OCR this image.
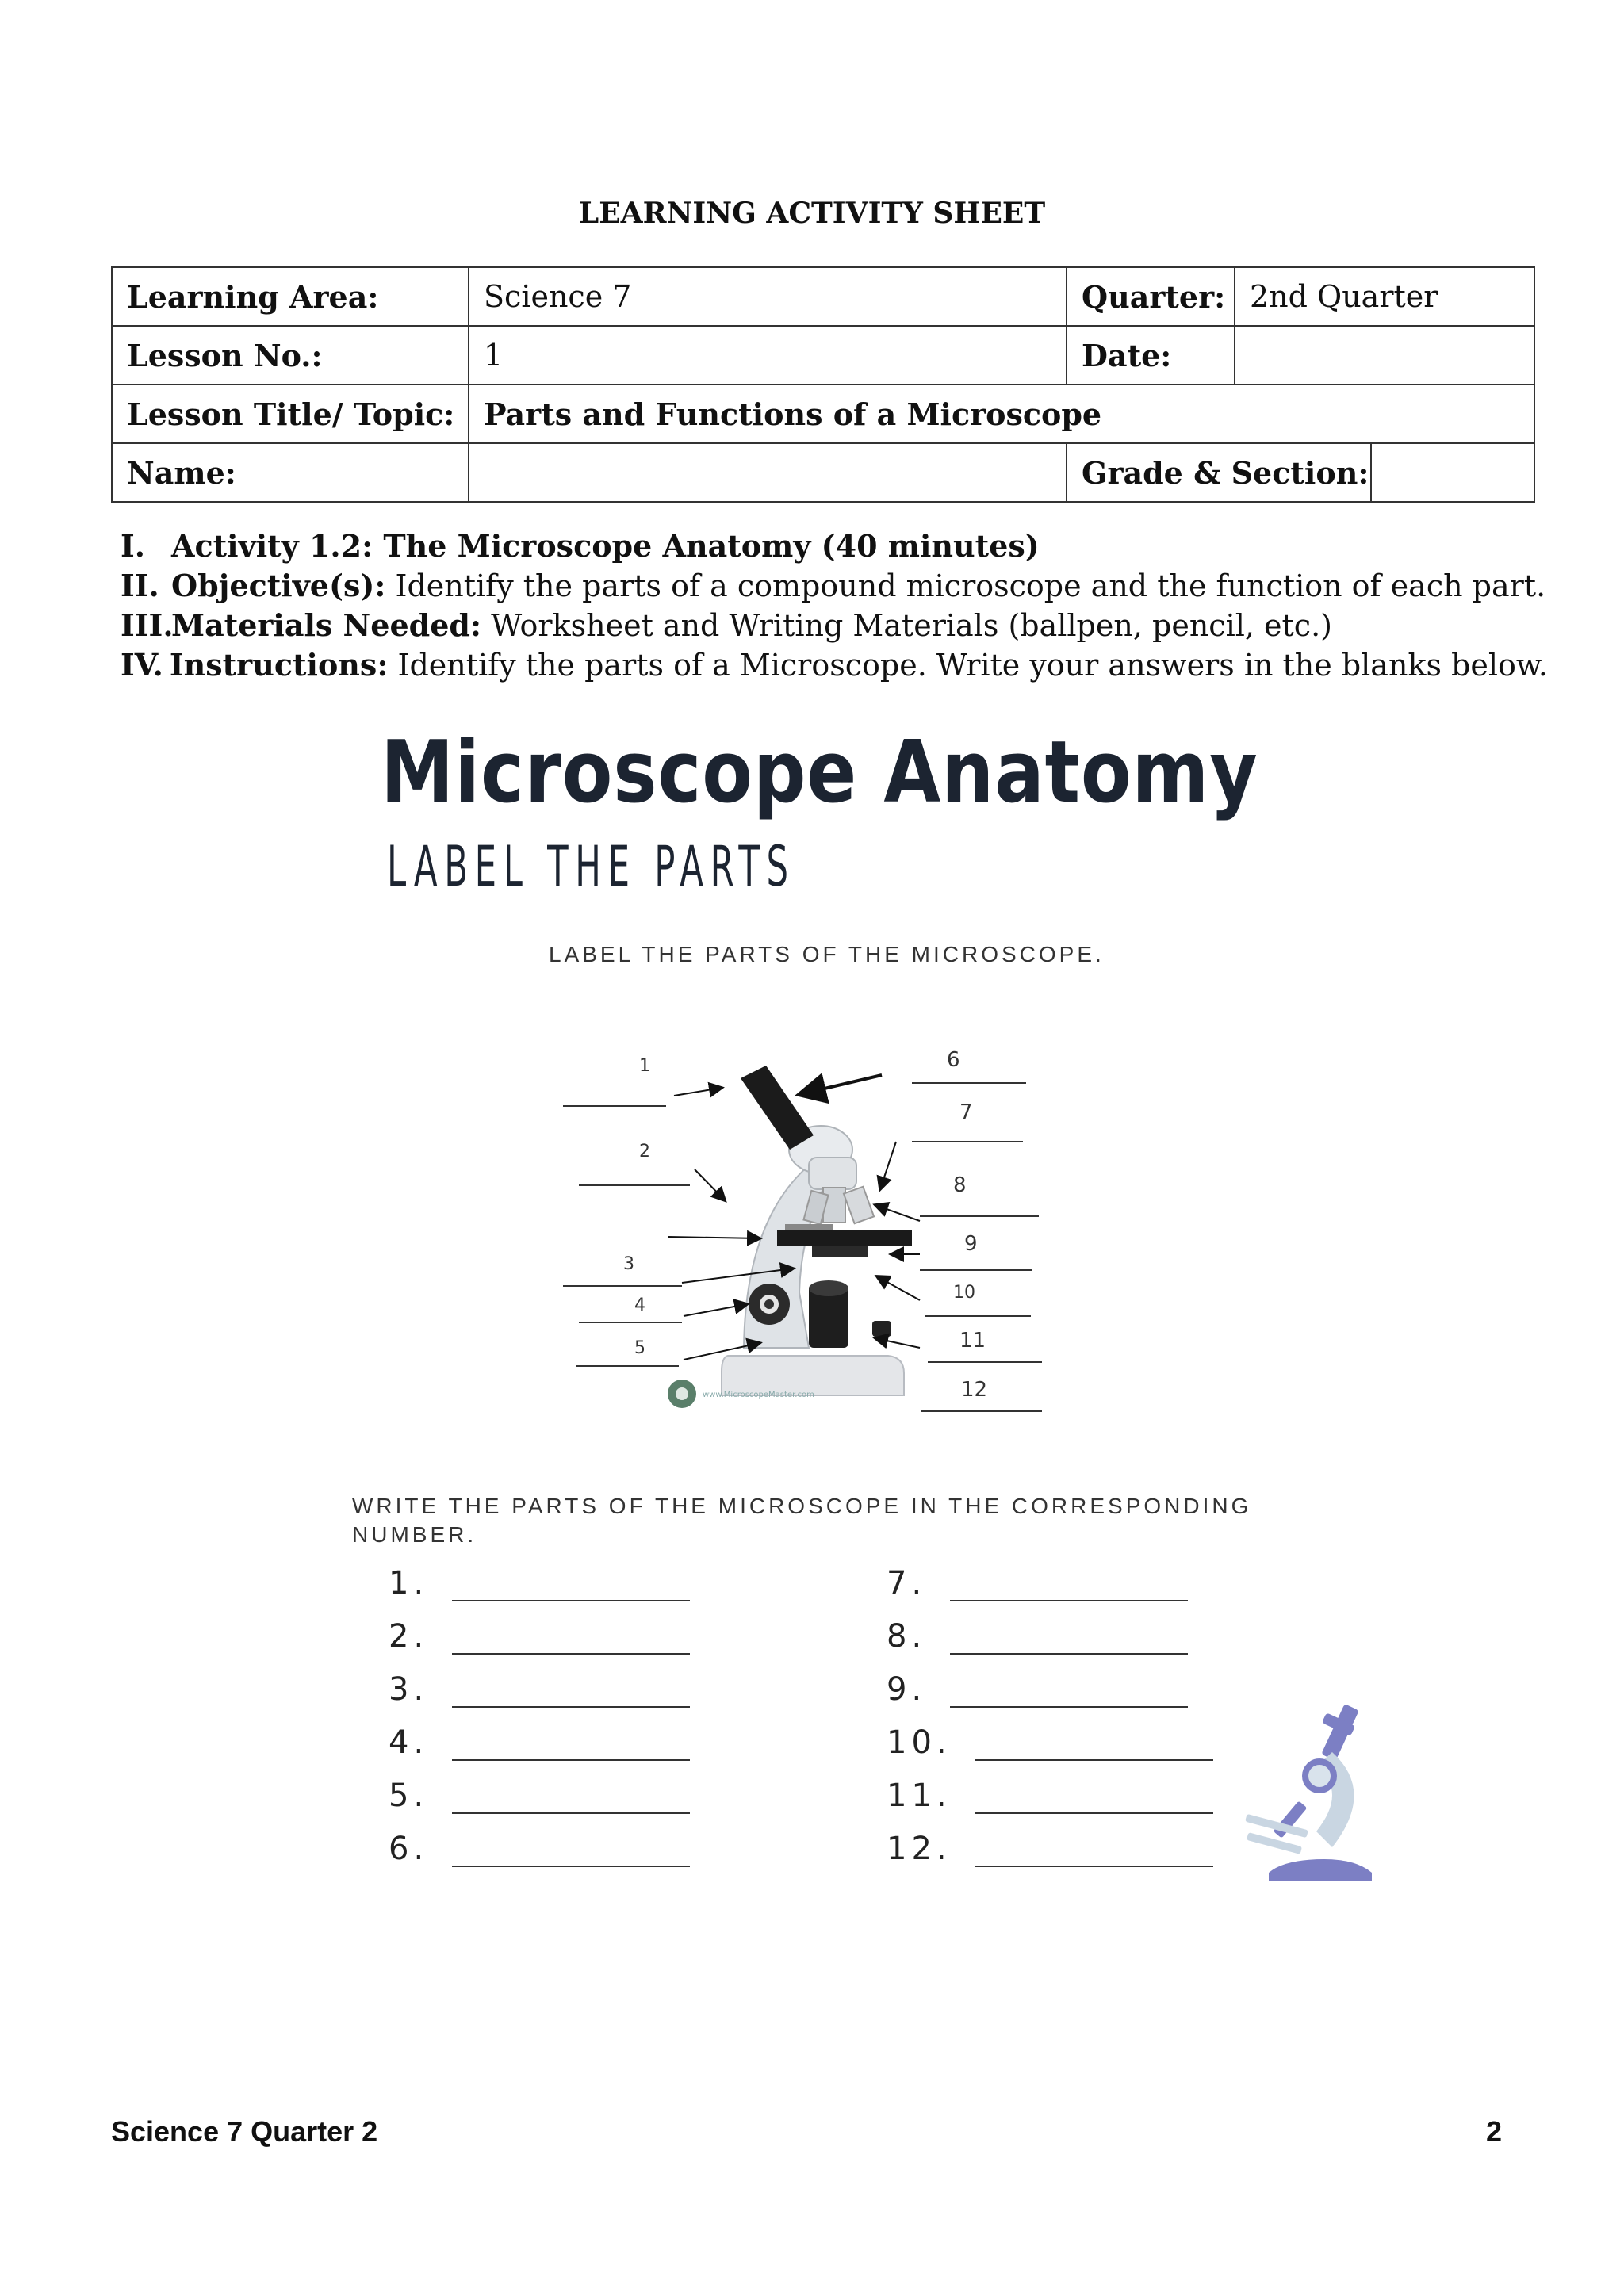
LEARNING ACTIVITY SHEET
Learning Area:	Science 7	Quarter:	2nd Quarter	
Lesson No.:	1	Date:		
Lesson Title/ Topic:	Parts and Functions of a Microscope			
Name:		Grade & Section:		
I. Activity 1.2: The Microscope Anatomy (40 minutes)
II. Objective(s): Identify the parts of a compound microscope and the function of each part.
III.
Materials Needed: Worksheet and Writing Materials (ballpen, pencil, etc.)
IV. Instructions: Identify the parts of a Microscope. Write your answers in the blanks below.
Microscope Anatomy
LABEL THE PARTS
LABEL THE PARTS OF THE MICROSCOPE.
www.MicroscopeMaster.com
1
2
3
4
5
6
7
8
9
10
11
12
WRITE THE PARTS OF THE MICROSCOPE IN THE CORRESPONDING NUMBER.
1.
2.
3.
4.
5.
6.
7.
8.
9.
10.
11.
12.
Science 7 Quarter 2	2
